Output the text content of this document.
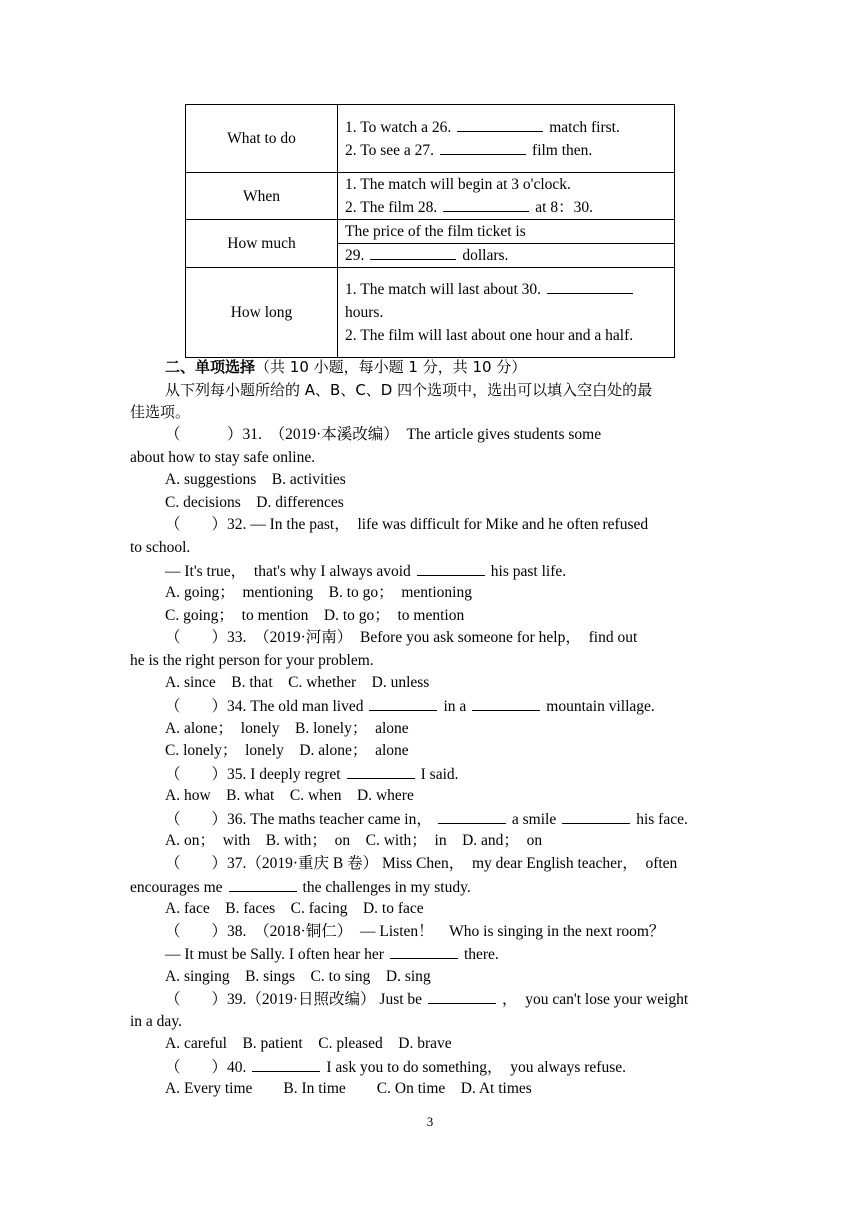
What to do	1. To watch a 26. match first.
2. To see a 27. film then.

When	1. The match will begin at 3 o'clock.
2. The film 28. at 8：30.

How much	The price of the film ticket is
	29. dollars.
How long	1. The match will last about 30.
hours.
2. The film will last about one hour and a half.
二、单项选择（共 10 小题，每小题 1 分，共 10 分）
从下列每小题所给的 A、B、C、D 四个选项中，选出可以填入空白处的最
佳选项。
（　　　）31.　（2019·本溪改编）　The article gives students some
about how to stay safe online.
A. suggestions　B. activities
C. decisions　D. differences
（　　）32. — In the past，　life was difficult for Mike and he often refused
to school.
— It's true，　that's why I always avoid	his past life.
A. going；　mentioning　B. to go；　mentioning
C. going；　to mention　D. to go；　to mention
（　　）33.　（2019·河南）　Before you ask someone for help，　find out
he is the right person for your problem.
A. since　B. that　C. whether　D. unless
（　　）34. The old man lived	in a	mountain village.
A. alone；　lonely　B. lonely；　alone
C. lonely；　lonely　D. alone；　alone
（　　）35. I deeply regret	I said.
A. how　B. what　C. when　D. where
（　　）36. The maths teacher came in，	a smile	his face.
A. on；　with　B. with；　on　C. with；　in　D. and；　on
（　　）37.（2019·重庆 B 卷） Miss Chen，　my dear English teacher，　often
encourages me	the challenges in my study.
A. face　B. faces　C. facing　D. to face
（　　）38.　（2018·铜仁）　— Listen！　Who is singing in the next room？
— It must be Sally. I often hear her	there.
A. singing　B. sings　C. to sing　D. sing
（　　）39.（2019·日照改编） Just be	，　you can't lose your weight
in a day.
A. careful　B. patient　C. pleased　D. brave
（　　）40.	I ask you to do something，　you always refuse.
A. Every time　　B. In time　　C. On time　D. At times
3
